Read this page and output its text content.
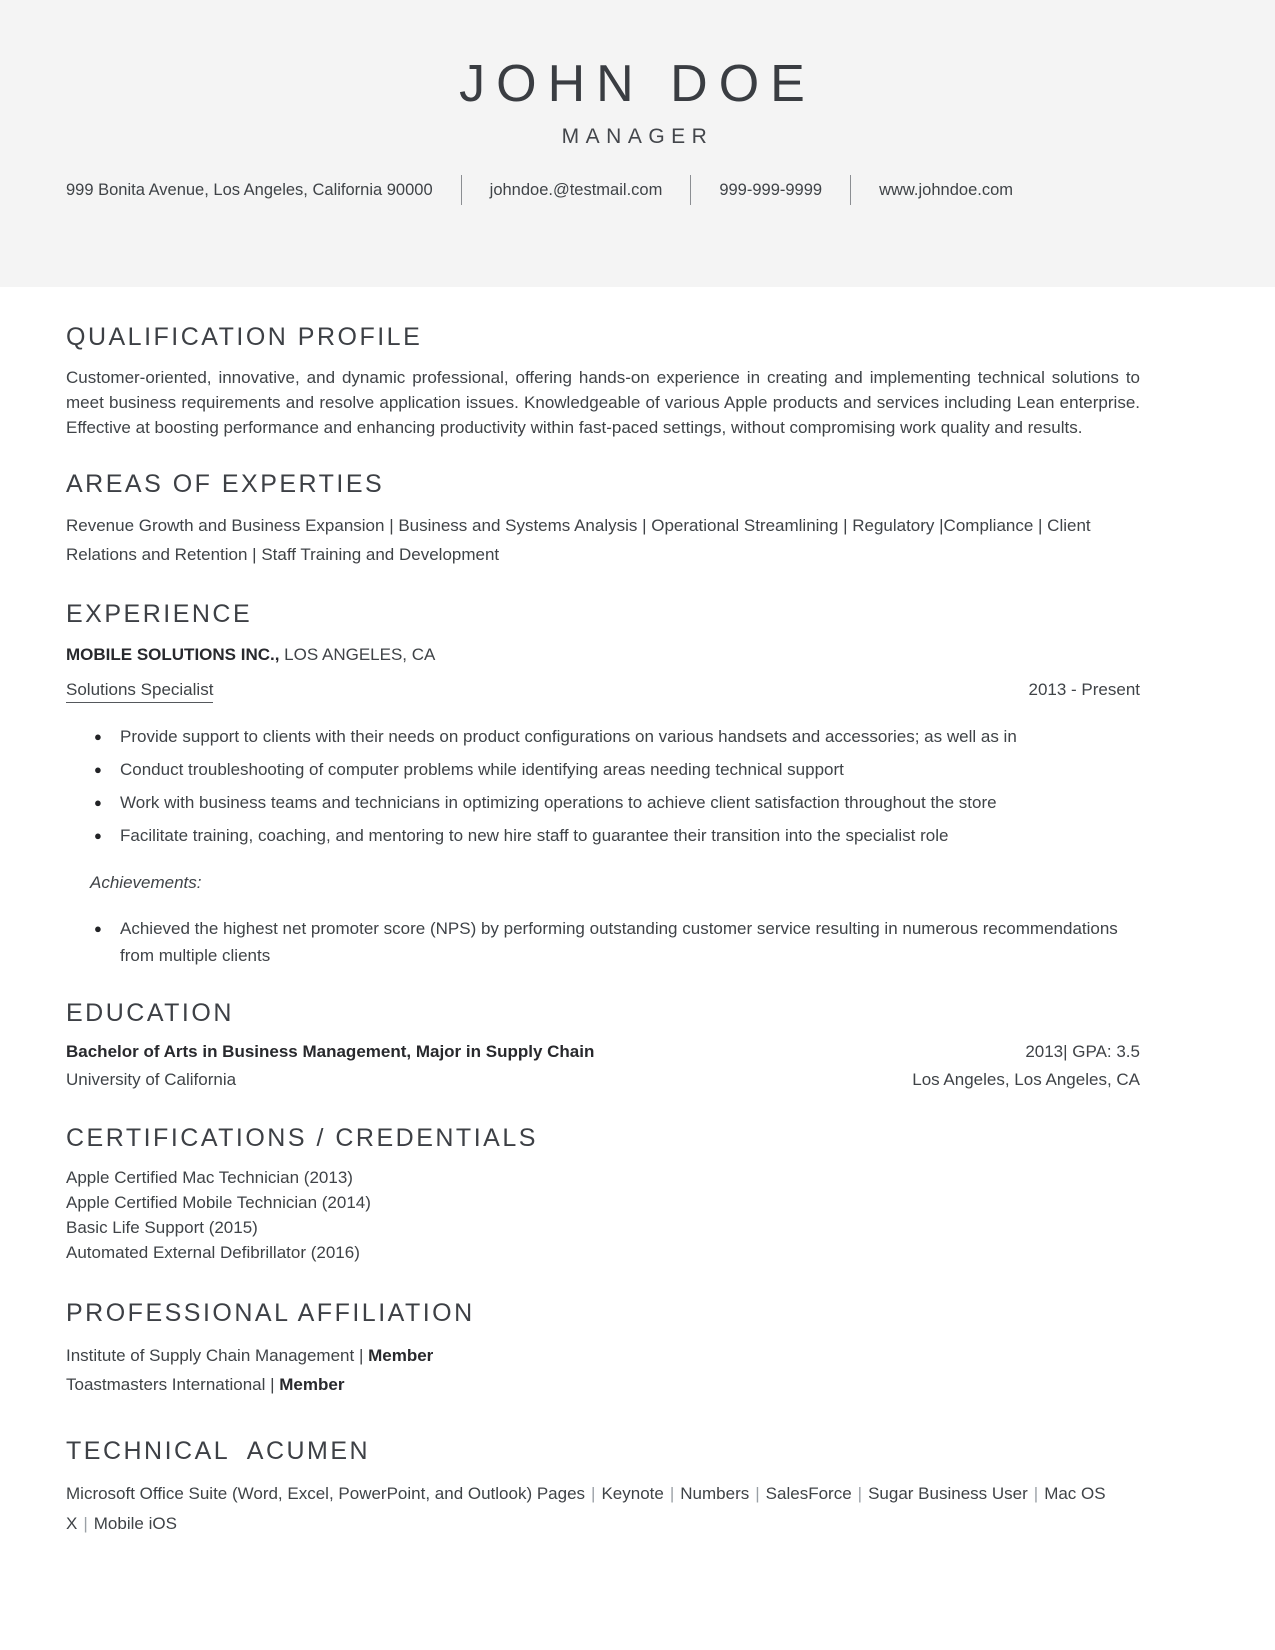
JOHN DOE
MANAGER
999 Bonita Avenue, Los Angeles, California 90000	johndoe.@testmail.com	999-999-9999	www.johndoe.com
QUALIFICATION PROFILE
Customer-oriented, innovative, and dynamic professional, offering hands-on experience in creating and implementing technical solutions to meet business requirements and resolve application issues. Knowledgeable of various Apple products and services including Lean enterprise. Effective at boosting performance and enhancing productivity within fast-paced settings, without compromising work quality and results.
AREAS OF EXPERTIES
Revenue Growth and Business Expansion | Business and Systems Analysis | Operational Streamlining | Regulatory |Compliance | Client Relations and Retention | Staff Training and Development
EXPERIENCE
MOBILE SOLUTIONS INC., LOS ANGELES, CA
Solutions Specialist	2013 - Present
●
Provide support to clients with their needs on product configurations on various handsets and accessories; as well as in
●
Conduct troubleshooting of computer problems while identifying areas needing technical support
●
Work with business teams and technicians in optimizing operations to achieve client satisfaction throughout the store
●
Facilitate training, coaching, and mentoring to new hire staff to guarantee their transition into the specialist role
Achievements:
●
Achieved the highest net promoter score (NPS) by performing outstanding customer service resulting in numerous recommendations from multiple clients
EDUCATION
Bachelor of Arts in Business Management, Major in Supply Chain	2013| GPA: 3.5
University of California	Los Angeles, Los Angeles, CA
CERTIFICATIONS / CREDENTIALS
Apple Certified Mac Technician (2013)
Apple Certified Mobile Technician (2014)
Basic Life Support (2015)
Automated External Defibrillator (2016)
PROFESSIONAL AFFILIATION
Institute of Supply Chain Management | Member
Toastmasters International | Member
TECHNICAL  ACUMEN
Microsoft Office Suite (Word, Excel, PowerPoint, and Outlook) Pages | Keynote | Numbers | SalesForce | Sugar Business User | Mac OS X | Mobile iOS
